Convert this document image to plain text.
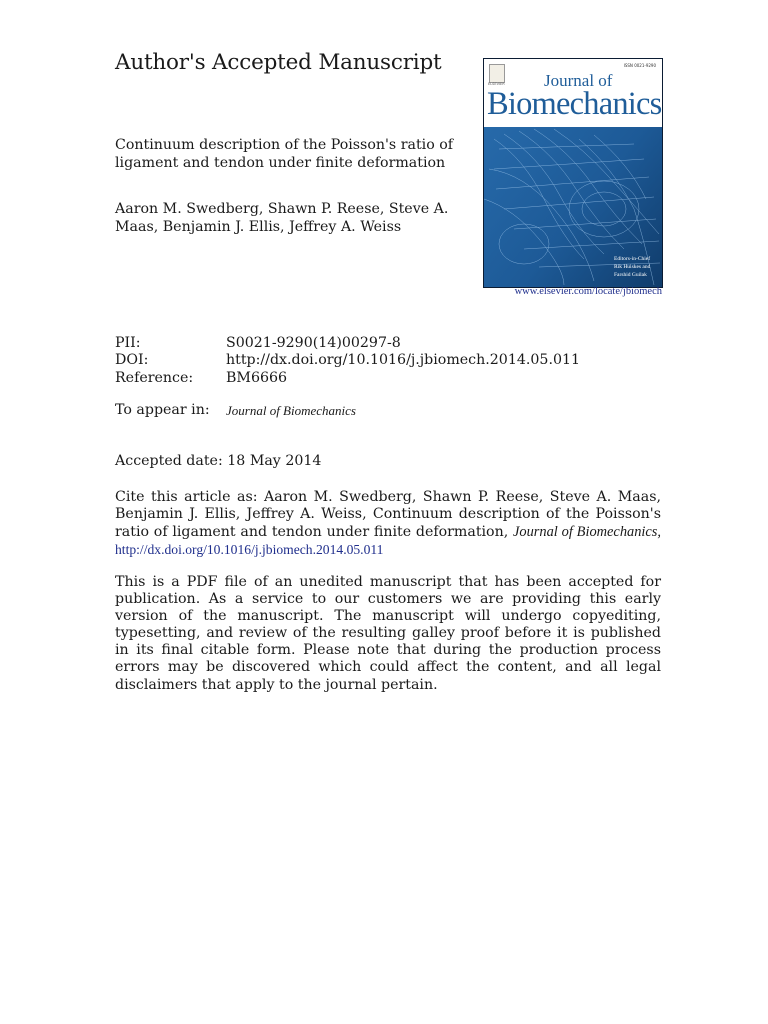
Author's Accepted Manuscript
Continuum description of the Poisson's ratio of ligament and tendon under finite deformation
Aaron M. Swedberg, Shawn P. Reese, Steve A. Maas, Benjamin J. Ellis, Jeffrey A. Weiss
ELSEVIER
ISSN 0021-9290
Journal of
Biomechanics
Editors-in-Chief
Rik Huiskes and
Farshid Guilak
www.elsevier.com/locate/jbiomech
PII:	S0021-9290(14)00297-8
DOI:	http://dx.doi.org/10.1016/j.jbiomech.2014.05.011
Reference: BM6666
To appear in: Journal of Biomechanics
Accepted date: 18 May 2014
Cite this article as: Aaron M. Swedberg, Shawn P. Reese, Steve A. Maas, Benjamin J. Ellis, Jeffrey A. Weiss, Continuum description of the Poisson's ratio of ligament and tendon under finite deformation, Journal of Biomechanics, http://dx.doi.org/10.1016/j.jbiomech.2014.05.011
This is a PDF file of an unedited manuscript that has been accepted for publication. As a service to our customers we are providing this early version of the manuscript. The manuscript will undergo copyediting, typesetting, and review of the resulting galley proof before it is published in its final citable form. Please note that during the production process errors may be discovered which could affect the content, and all legal disclaimers that apply to the journal pertain.
